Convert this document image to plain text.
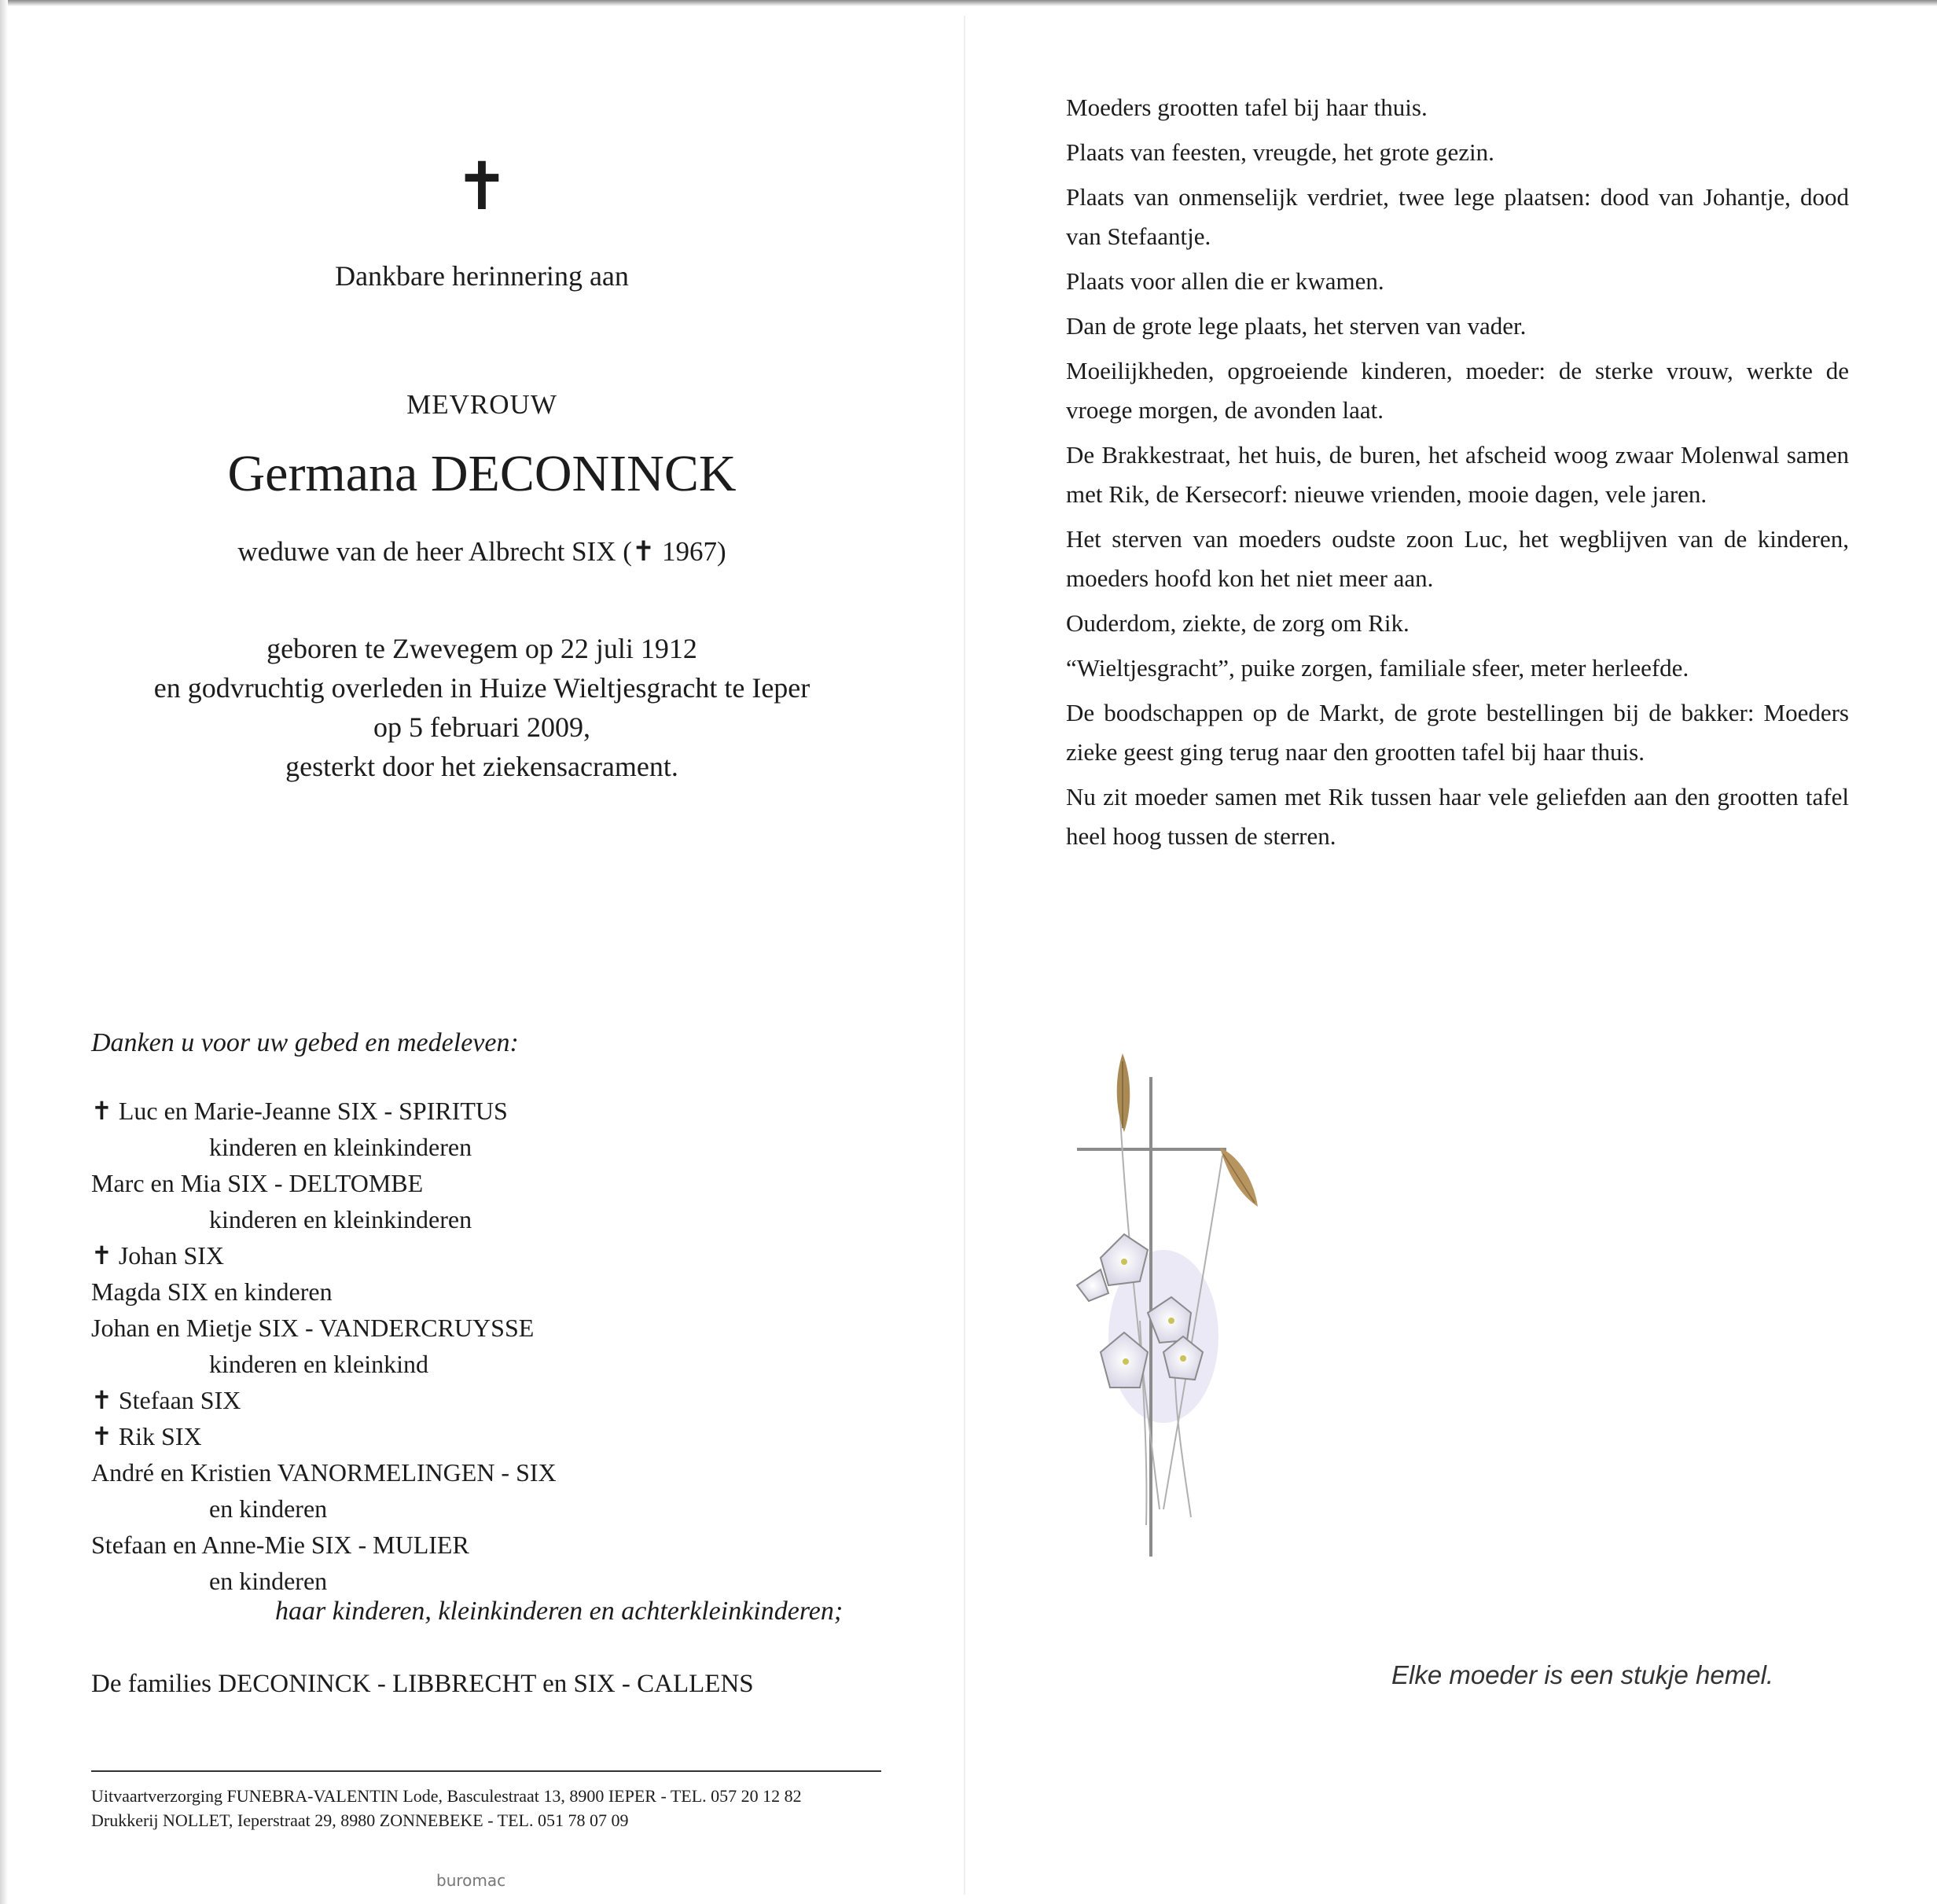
✝
Dankbare herinnering aan
MEVROUW
Germana DECONINCK
weduwe van de heer Albrecht SIX (✝ 1967)
geboren te Zwevegem op 22 juli 1912
en godvruchtig overleden in Huize Wieltjesgracht te Ieper
op 5 februari 2009,
gesterkt door het ziekensacrament.
Danken u voor uw gebed en medeleven:
✝ Luc en Marie-Jeanne SIX - SPIRITUS
kinderen en kleinkinderen
Marc en Mia SIX - DELTOMBE
kinderen en kleinkinderen
✝ Johan SIX
Magda SIX en kinderen
Johan en Mietje SIX - VANDERCRUYSSE
kinderen en kleinkind
✝ Stefaan SIX
✝ Rik SIX
André en Kristien VANORMELINGEN - SIX
en kinderen
Stefaan en Anne-Mie SIX - MULIER
en kinderen
haar kinderen, kleinkinderen en achterkleinkinderen;
De families DECONINCK - LIBBRECHT en SIX - CALLENS
Uitvaartverzorging FUNEBRA-VALENTIN Lode, Basculestraat 13, 8900 IEPER - TEL. 057 20 12 82
Drukkerij NOLLET, Ieperstraat 29, 8980 ZONNEBEKE - TEL. 051 78 07 09
buromac
Moeders grootten tafel bij haar thuis.
Plaats van feesten, vreugde, het grote gezin.
Plaats van onmenselijk verdriet, twee lege plaatsen: dood van Johantje, dood van Stefaantje.
Plaats voor allen die er kwamen.
Dan de grote lege plaats, het sterven van vader.
Moeilijkheden, opgroeiende kinderen, moeder: de sterke vrouw, werkte de vroege morgen, de avonden laat.
De Brakkestraat, het huis, de buren, het afscheid woog zwaar Molenwal samen met Rik, de Kersecorf: nieuwe vrienden, mooie dagen, vele jaren.
Het sterven van moeders oudste zoon Luc, het wegblijven van de kinderen, moeders hoofd kon het niet meer aan.
Ouderdom, ziekte, de zorg om Rik.
“Wieltjesgracht”, puike zorgen, familiale sfeer, meter herleefde.
De boodschappen op de Markt, de grote bestellingen bij de bakker: Moeders zieke geest ging terug naar den grootten tafel bij haar thuis.
Nu zit moeder samen met Rik tussen haar vele geliefden aan den grootten tafel heel hoog tussen de sterren.
Elke moeder is een stukje hemel.
